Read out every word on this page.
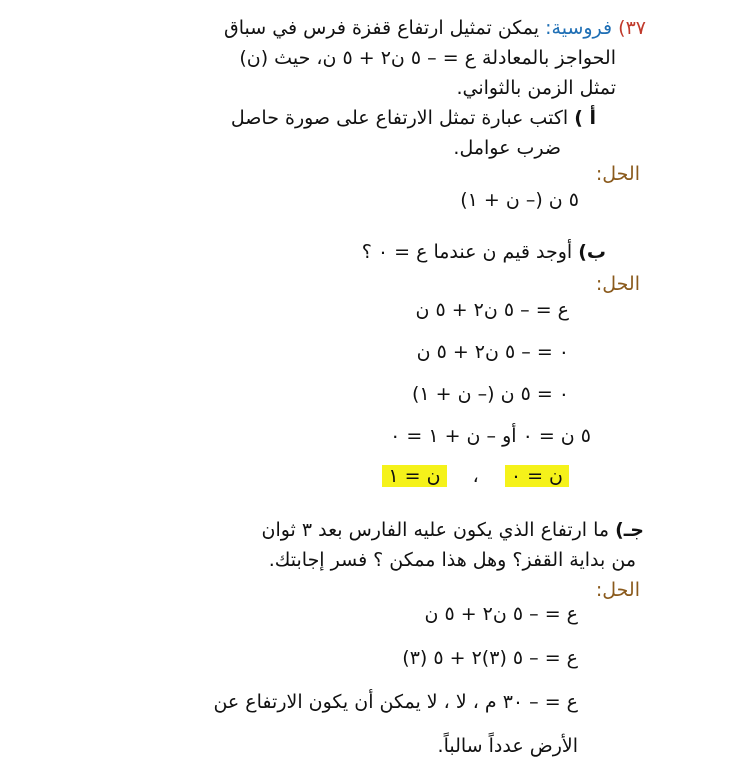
٣٧) فروسية: يمكن تمثيل ارتفاع قفزة فرس في سباق
الحواجز بالمعادلة ع = – ٥ ن٢ + ٥ ن، حيث (ن)
تمثل الزمن بالثواني.
أ ) اكتب عبارة تمثل الارتفاع على صورة حاصل
ضرب عوامل.
الحل:
٥ ن (– ن + ١)
ب) أوجد قيم ن عندما ع = ٠ ؟
الحل:
ع = – ٥ ن٢ + ٥ ن
٠ = – ٥ ن٢ + ٥ ن
٠ = ٥ ن (– ن + ١)
٥ ن = ٠ أو – ن + ١ = ٠
ن = ٠ ، ن = ١
جـ) ما ارتفاع الذي يكون عليه الفارس بعد ٣ ثوان
من بداية القفز؟ وهل هذا ممكن ؟ فسر إجابتك.
الحل:
ع = – ٥ ن٢ + ٥ ن
ع = – ٥ (٣)٢ + ٥ (٣)
ع = – ٣٠ م ، لا ، لا يمكن أن يكون الارتفاع عن
الأرض عدداً سالباً.
